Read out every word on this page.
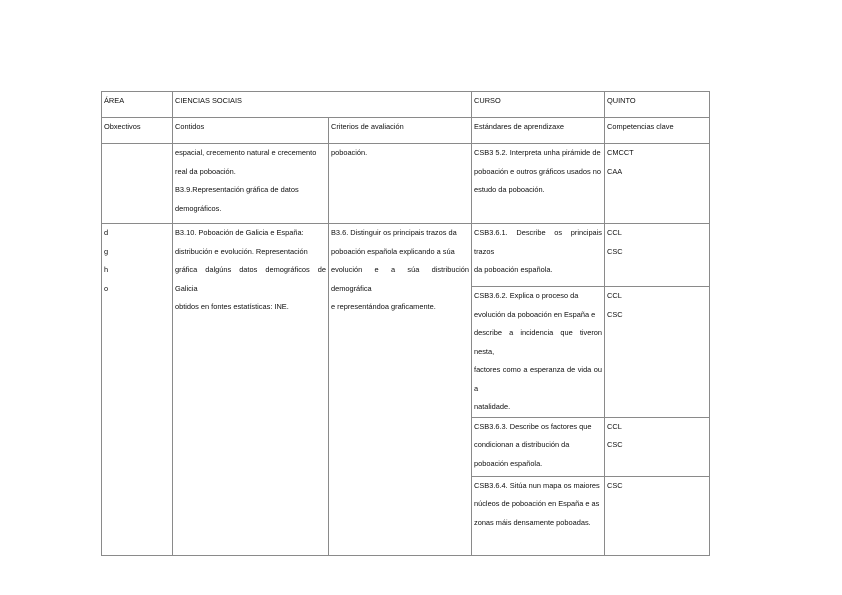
ÁREA	CIENCIAS SOCIAIS		CURSO	QUINTO
Obxectivos	Contidos	Criterios de avaliación	Estándares de aprendizaxe	Competencias clave

	espacial, crecemento natural e crecemento
real da poboación.
B3.9.Representación gráfica de datos
demográficos.	poboación.	CSB3 5.2. Interpreta unha pirámide de
poboación e outros gráficos usados no
estudo da poboación.	CMCCT
CAA

d
g
h
o	B3.10. Poboación de Galicia e España:
distribución e evolución. Representación
gráfica dalgúns datos demográficos de Galicia
obtidos en fontes estatísticas: INE.	B3.6. Distinguir os principais trazos da
poboación española explicando a súa
evolución e a súa distribución demográfica
e representándoa graficamente.	CSB3.6.1. Describe os principais trazos
da poboación española.	CCL
CSC

			CSB3.6.2. Explica o proceso da
evolución da poboación en España e
describe a incidencia que tiveron nesta,
factores como a esperanza de vida ou a
natalidade.	CCL
CSC

			CSB3.6.3. Describe os factores que
condicionan a distribución da
poboación española.	CCL
CSC

			CSB3.6.4. Sitúa nun mapa os maiores
núcleos de poboación en España e as
zonas máis densamente poboadas.	CSC
